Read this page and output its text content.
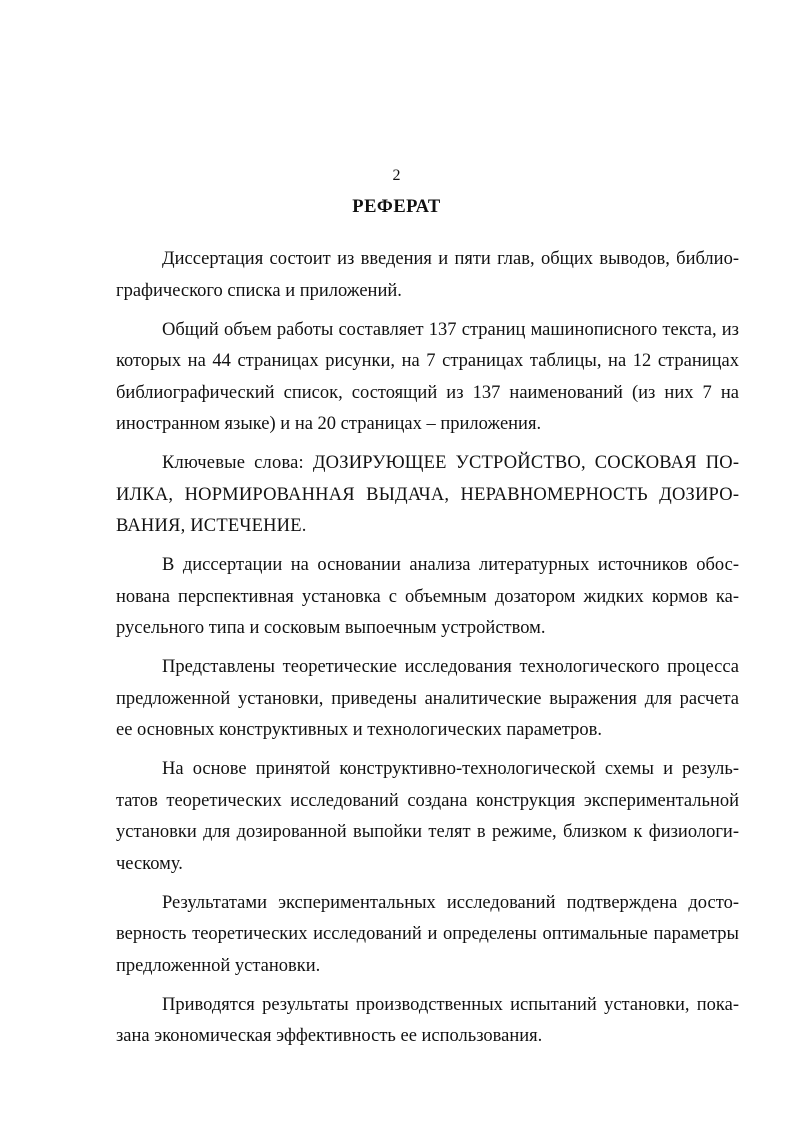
2
РЕФЕРАТ

Диссертация состоит из введения и пяти глав, общих выводов, библиографического списка и приложений.

Общий объем работы составляет 137 страниц машинописного текста, из которых на 44 страницах рисунки, на 7 страницах таблицы, на 12 страницах библиографический список, состоящий из 137 наименований (из них 7 на иностранном языке) и на 20 страницах – приложения.

Ключевые слова: ДОЗИРУЮЩЕЕ УСТРОЙСТВО, СОСКОВАЯ ПОИЛКА, НОРМИРОВАННАЯ ВЫДАЧА, НЕРАВНОМЕРНОСТЬ ДОЗИРОВАНИЯ, ИСТЕЧЕНИЕ.

В диссертации на основании анализа литературных источников обоснована перспективная установка с объемным дозатором жидких кормов карусельного типа и сосковым выпоечным устройством.

Представлены теоретические исследования технологического процесса предложенной установки, приведены аналитические выражения для расчета ее основных конструктивных и технологических параметров.

На основе принятой конструктивно-технологической схемы и результатов теоретических исследований создана конструкция экспериментальной установки для дозированной выпойки телят в режиме, близком к физиологическому.

Результатами экспериментальных исследований подтверждена достоверность теоретических исследований и определены оптимальные параметры предложенной установки.

Приводятся результаты производственных испытаний установки, показана экономическая эффективность ее использования.
